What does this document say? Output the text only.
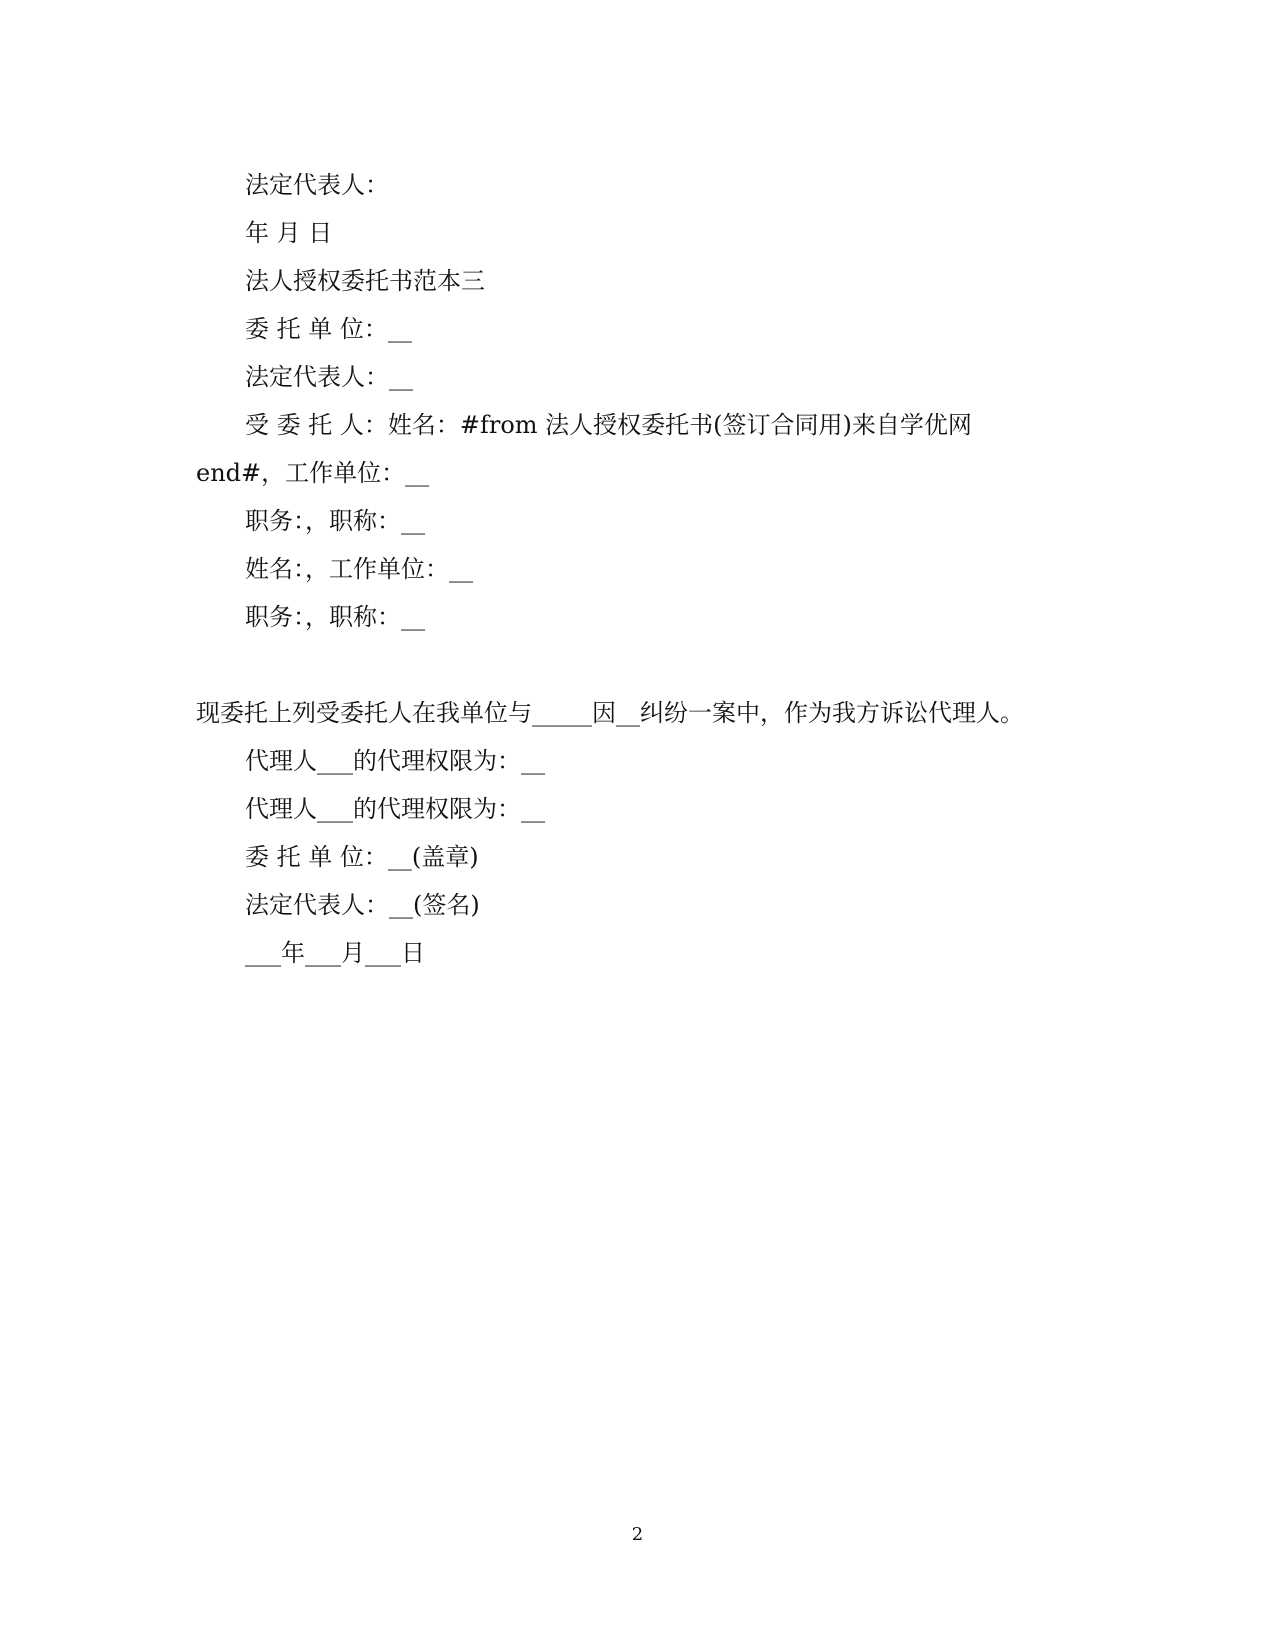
法定代表人：
年 月 日
法人授权委托书范本三
委 托 单 位：__
法定代表人：__
受 委 托 人：姓名：#from 法人授权委托书(签订合同用)来自学优网
end#，工作单位：__
职务：，职称：__
姓名：，工作单位：__
职务：，职称：__
现委托上列受委托人在我单位与_____因__纠纷一案中，作为我方诉讼代理人。
代理人___的代理权限为：__
代理人___的代理权限为：__
委 托 单 位：__(盖章)
法定代表人：__(签名)
___年___月___日
2
